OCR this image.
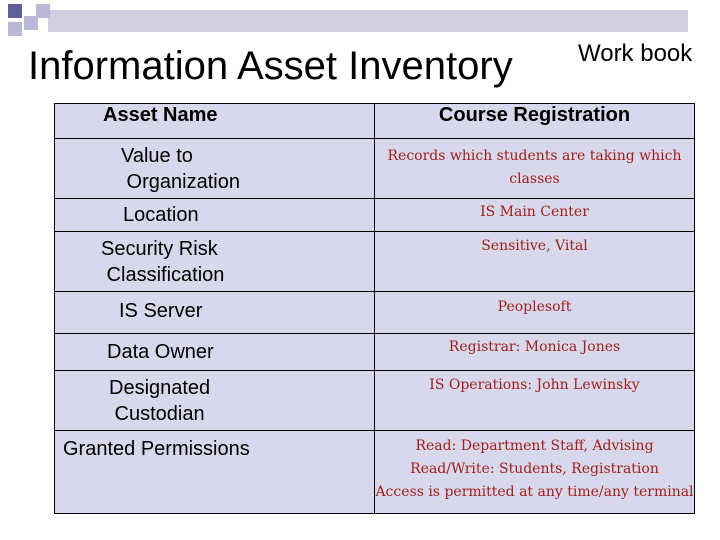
Information Asset Inventory	Work book
Asset Name	Course Registration

Value to
Organization	Records which students are taking which classes

Location	IS Main Center

Security Risk
Classification	Sensitive, Vital

IS Server	Peoplesoft

Data Owner	Registrar: Monica Jones

Designated
Custodian	IS Operations: John Lewinsky

Granted Permissions	Read: Department Staff, Advising
Read/Write: Students, Registration
Access is permitted at any time/any terminal
